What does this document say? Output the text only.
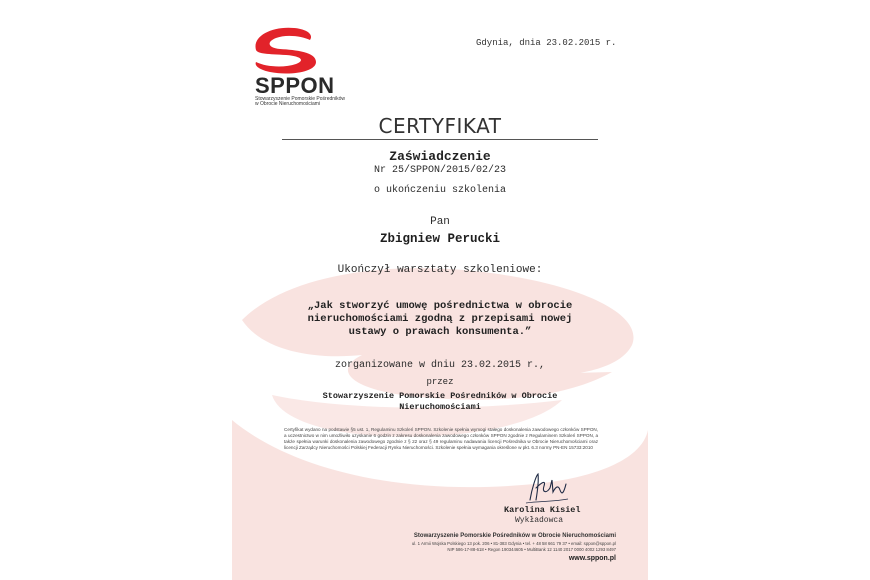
SPPON
Stowarzyszenie Pomorskie Pośredników
w Obrocie Nieruchomościami
Gdynia, dnia 23.02.2015 r.
CERTYFIKAT
Zaświadczenie
Nr 25/SPPON/2015/02/23
o ukończeniu szkolenia
Pan
Zbigniew Perucki
Ukończył warsztaty szkoleniowe:
„Jak stworzyć umowę pośrednictwa w obrocie
nieruchomościami zgodną z przepisami nowej
ustawy o prawach konsumenta.”
zorganizowane w dniu 23.02.2015 r.,
przez
Stowarzyszenie Pomorskie Pośredników w Obrocie
Nieruchomościami
Certyfikat wydano na podstawie §5 ust. 1, Regulaminu Szkoleń SPPON. Szkolenie spełnia wymogi stałego doskonalenia zawodowego członków SPPON, a uczestnictwo w nim umożliwiło uzyskanie 6 godzin z zakresu doskonalenia zawodowego członków SPPON zgodnie z Regulaminem Szkoleń SPPON, a także spełnia warunki doskonalenia zawodowego zgodnie z § 22 oraz § 49 regulaminu nadawania licencji Pośrednika w Obrocie Nieruchomościami oraz licencji Zarządcy Nieruchomości Polskiej Federacji Rynku Nieruchomości. Szkolenie spełnia wymagania określone w pkt. 6.3 normy PN-EN 15733:2010
Karolina Kisiel
Wykładowca
Stowarzyszenie Pomorskie Pośredników w Obrocie Nieruchomościami
ul. 1 Armii Wojska Polskiego 13 pok. 206 • 81-383 Gdynia • tel. + 48 58 661 79 37 • email: sppon@sppon.pl
NIP 586-17-88-618 • Regon 190344605 • MultiBank 12 1140 2017 0000 4002 1293 8497
www.sppon.pl
